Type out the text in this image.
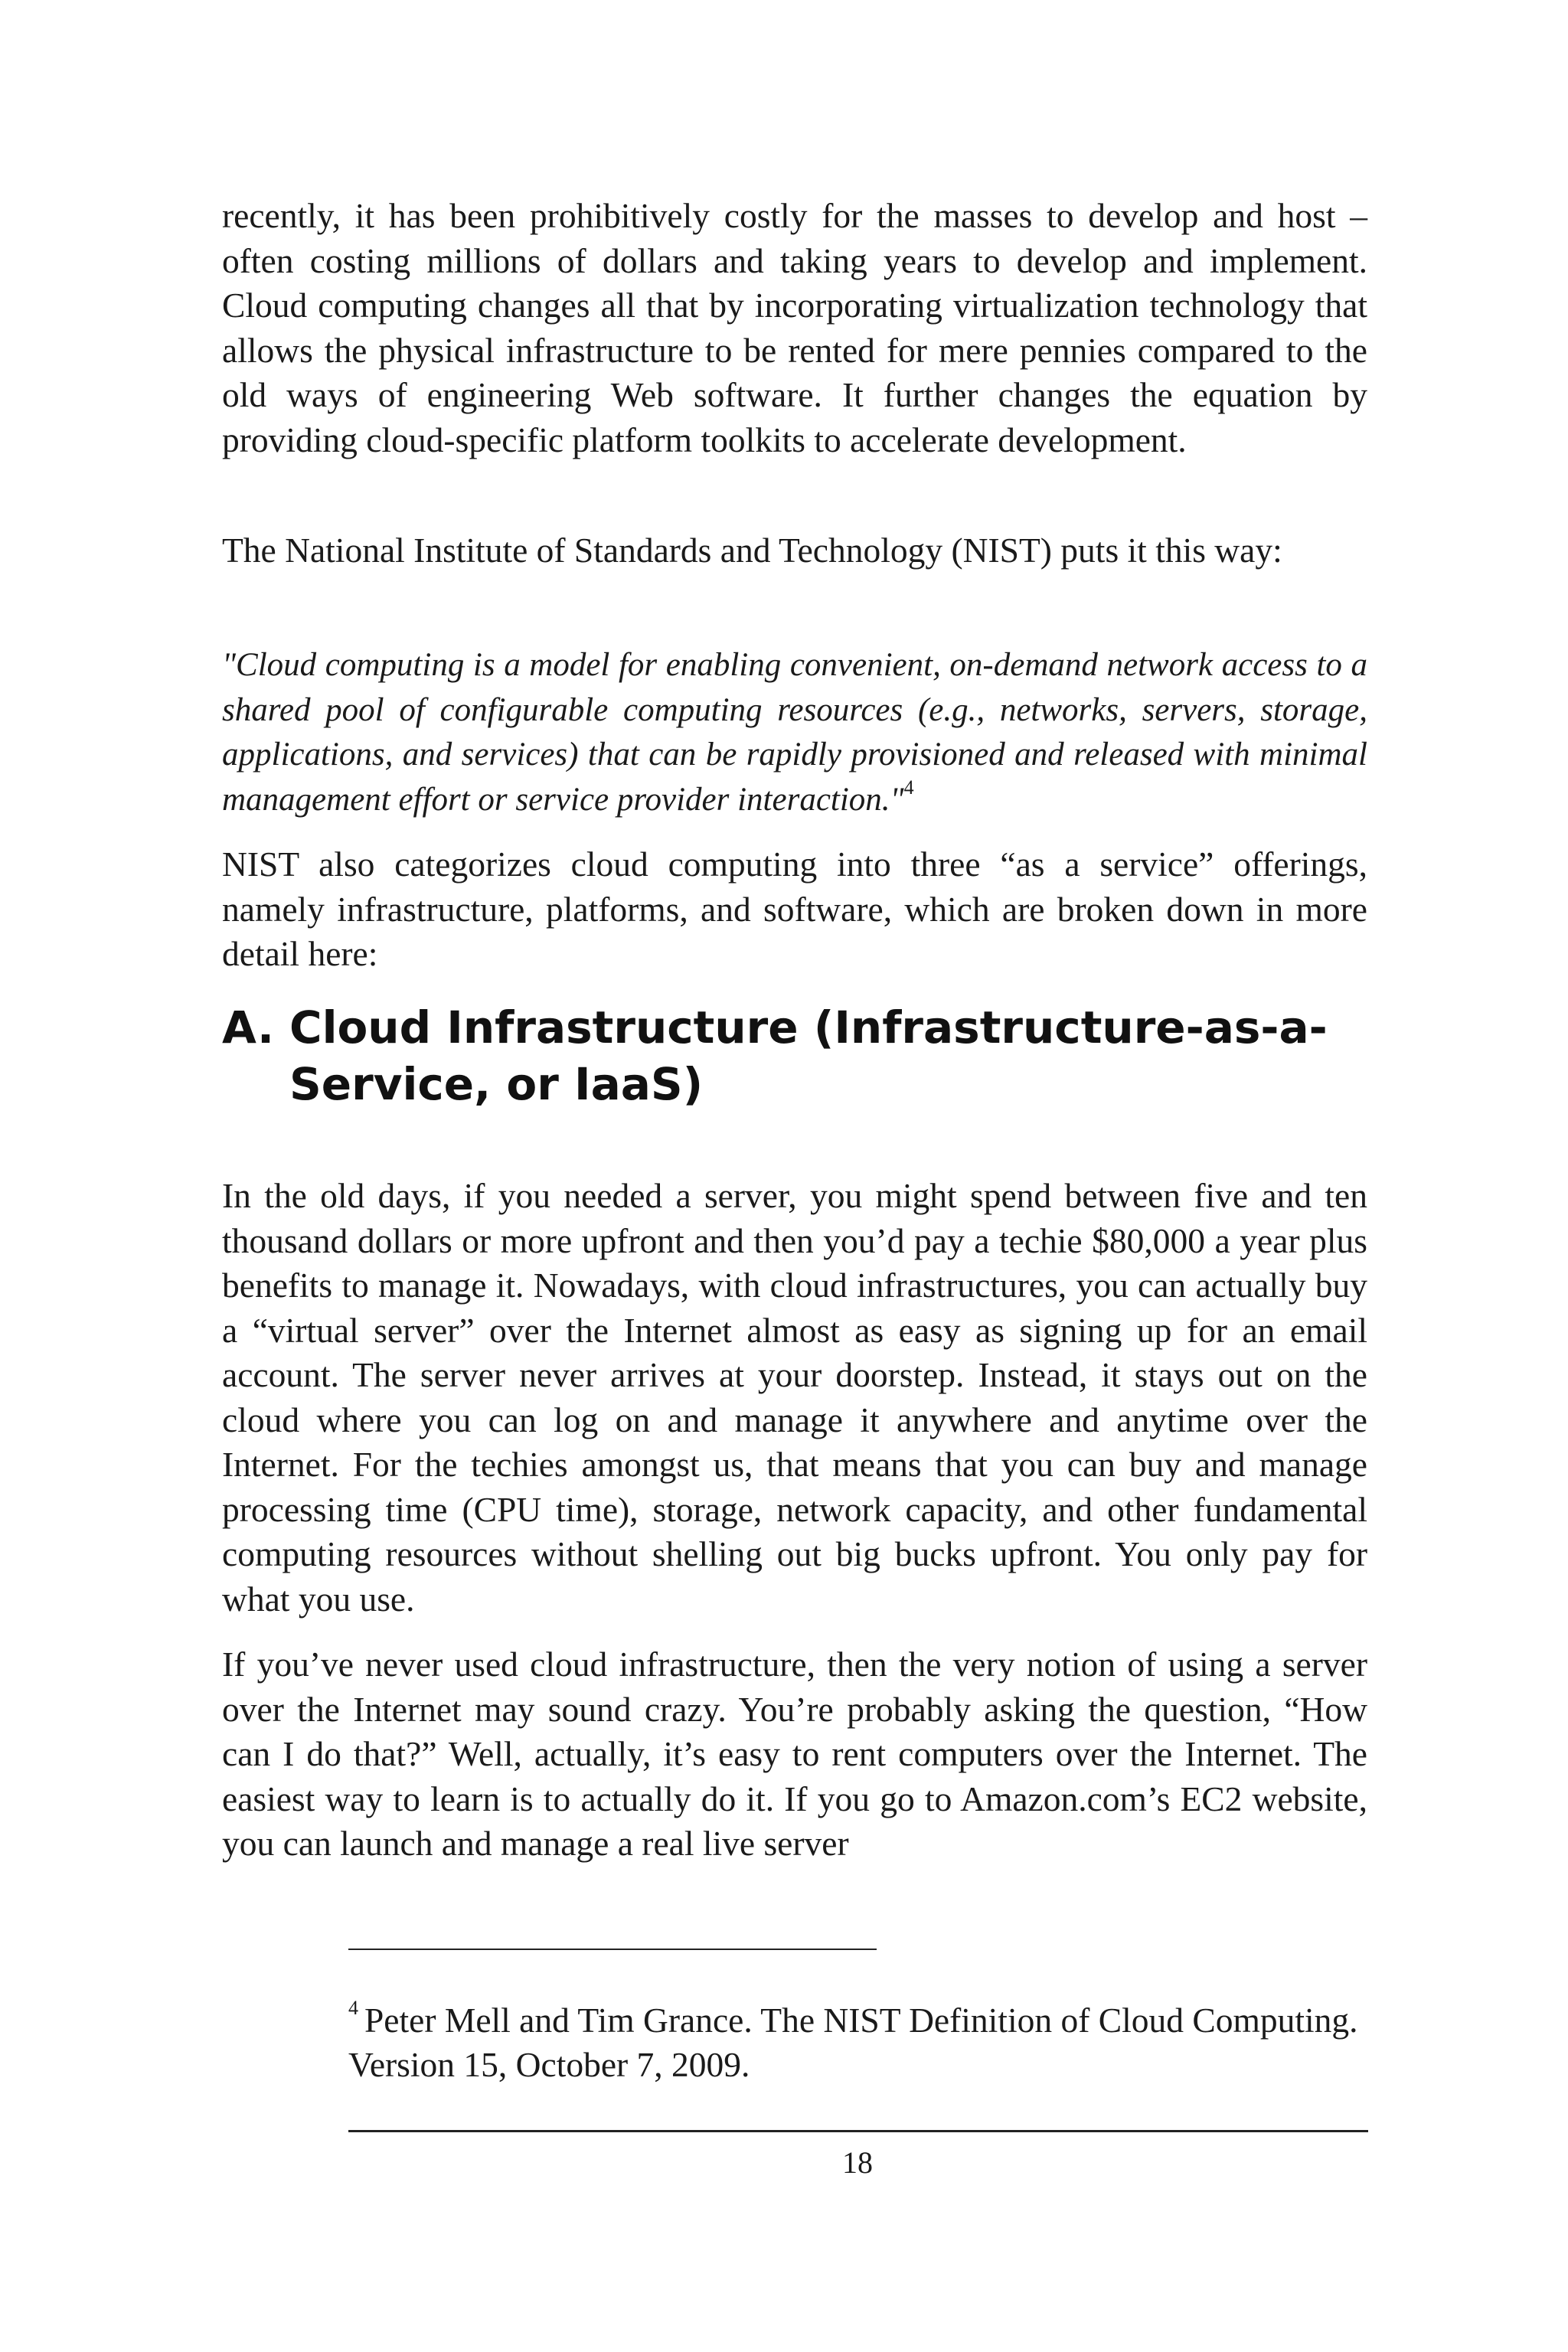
recently, it has been prohibitively costly for the masses to develop and host – often costing millions of dollars and taking years to develop and implement. Cloud computing changes all that by incorporating virtualization technology that allows the physical infrastructure to be rented for mere pennies compared to the old ways of engineering Web software. It further changes the equation by providing cloud-specific platform toolkits to accelerate development.

The National Institute of Standards and Technology (NIST) puts it this way:

"Cloud computing is a model for enabling convenient, on-demand network access to a shared pool of configurable computing resources (e.g., networks, servers, storage, applications, and services) that can be rapidly provisioned and released with minimal management effort or service provider interaction."$^4$

NIST also categorizes cloud computing into three “as a service” offerings, namely infrastructure, platforms, and software, which are broken down in more detail here:

A. Cloud Infrastructure (Infrastructure-as-a-
Service, or IaaS)

In the old days, if you needed a server, you might spend between five and ten thousand dollars or more upfront and then you’d pay a techie $80,000 a year plus benefits to manage it. Nowadays, with cloud infrastructures, you can actually buy a “virtual server” over the Internet almost as easy as signing up for an email account. The server never arrives at your doorstep. Instead, it stays out on the cloud where you can log on and manage it anywhere and anytime over the Internet. For the techies amongst us, that means that you can buy and manage processing time (CPU time), storage, network capacity, and other fundamental computing resources without shelling out big bucks upfront. You only pay for what you use.

If you’ve never used cloud infrastructure, then the very notion of using a server over the Internet may sound crazy. You’re probably asking the question, “How can I do that?” Well, actually, it’s easy to rent computers over the Internet. The easiest way to learn is to actually do it. If you go to Amazon.com’s EC2 website, you can launch and manage a real live server

$^4$ Peter Mell and Tim Grance. The NIST Definition of Cloud Computing. Version 15, October 7, 2009.

18
